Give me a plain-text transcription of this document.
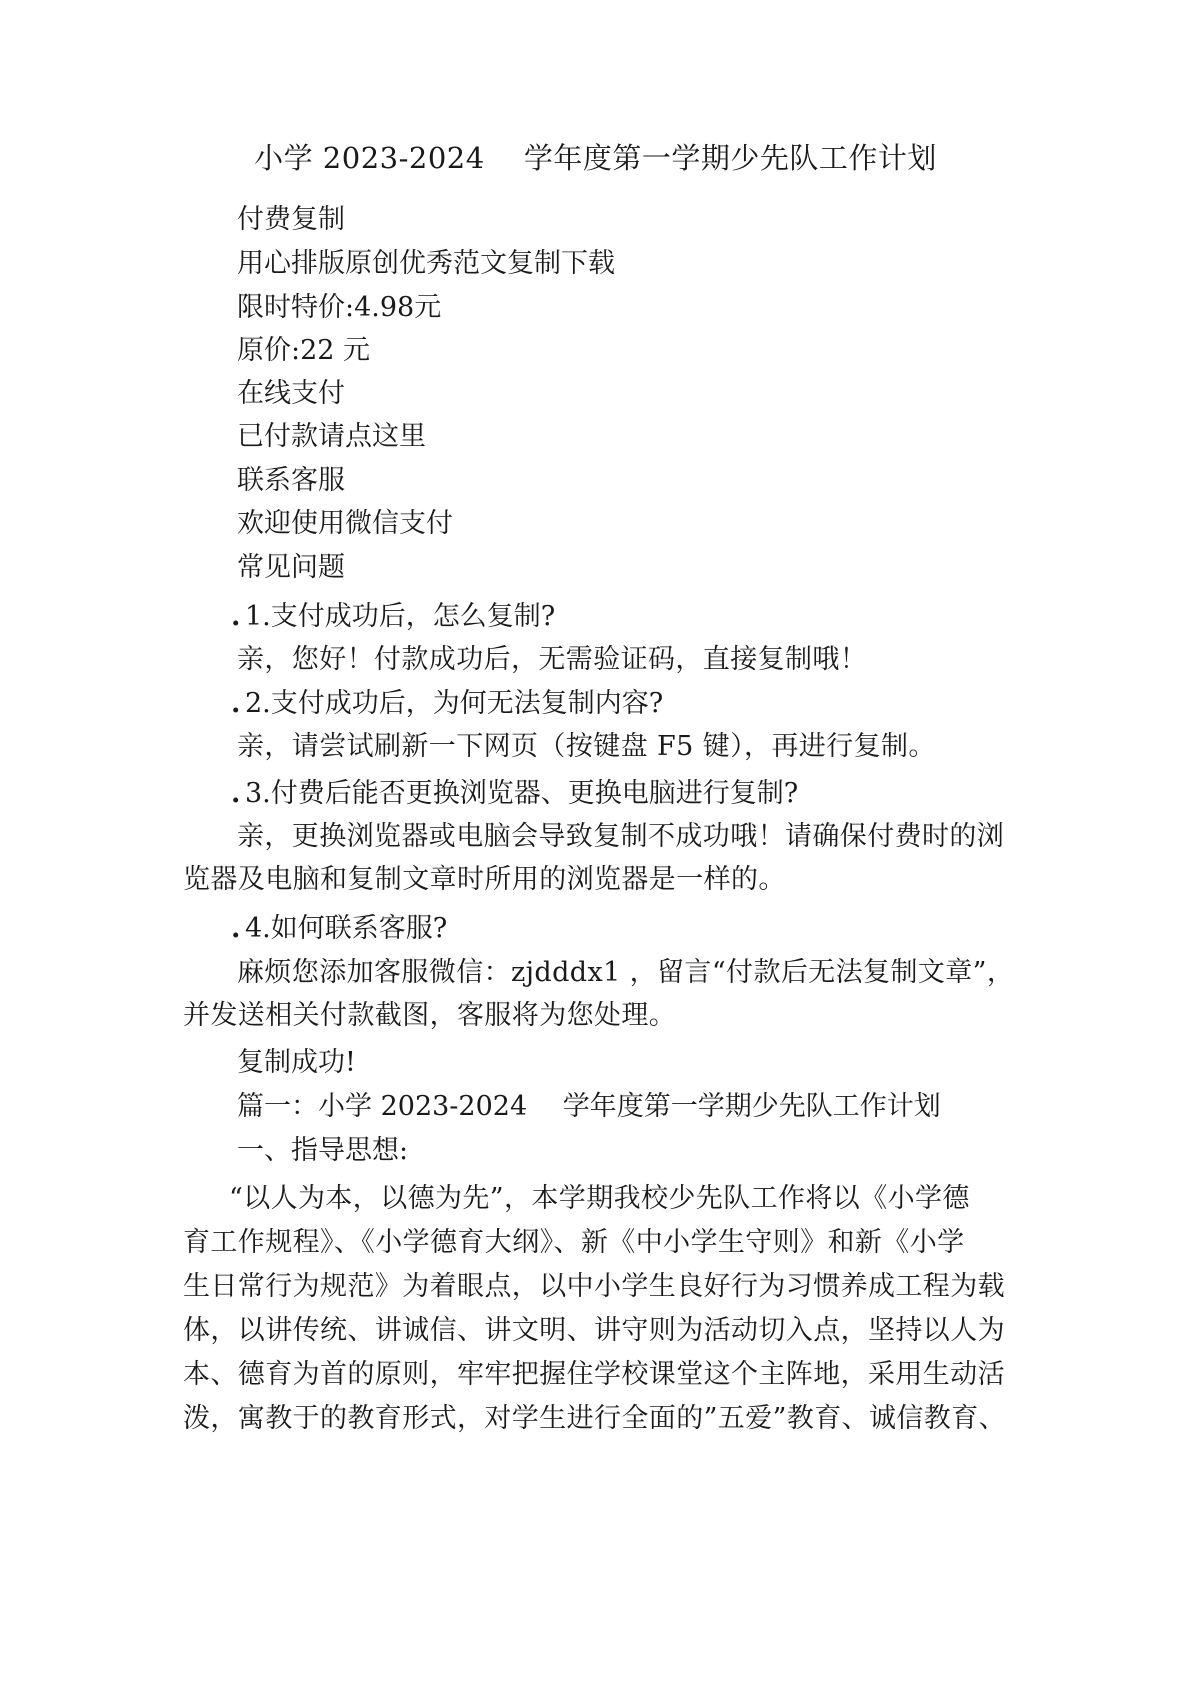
小学 2023-2024　 学年度第一学期少先队工作计划
付费复制
用心排版原创优秀范文复制下载
限时特价:4.98元
原价:22 元
在线支付
已付款请点这里
联系客服
欢迎使用微信支付
常见问题
. 1.支付成功后，怎么复制?
亲，您好！付款成功后，无需验证码，直接复制哦！
. 2.支付成功后，为何无法复制内容?
亲，请尝试刷新一下网页（按键盘 F5 键），再进行复制。
. 3.付费后能否更换浏览器、更换电脑进行复制?
亲，更换浏览器或电脑会导致复制不成功哦！请确保付费时的浏
览器及电脑和复制文章时所用的浏览器是一样的。
. 4.如何联系客服?
麻烦您添加客服微信：zjdddx1 ，留言“付款后无法复制文章”，
并发送相关付款截图，客服将为您处理。
复制成功!
篇一：小学 2023-2024　 学年度第一学期少先队工作计划
一、指导思想:
“以人为本，以德为先”，本学期我校少先队工作将以《小学德
育工作规程》、《小学德育大纲》、新《中小学生守则》和新《小学
生日常行为规范》为着眼点，以中小学生良好行为习惯养成工程为载
体，以讲传统、讲诚信、讲文明、讲守则为活动切入点，坚持以人为
本、德育为首的原则，牢牢把握住学校课堂这个主阵地，采用生动活
泼，寓教于的教育形式，对学生进行全面的”五爱”教育、诚信教育、
